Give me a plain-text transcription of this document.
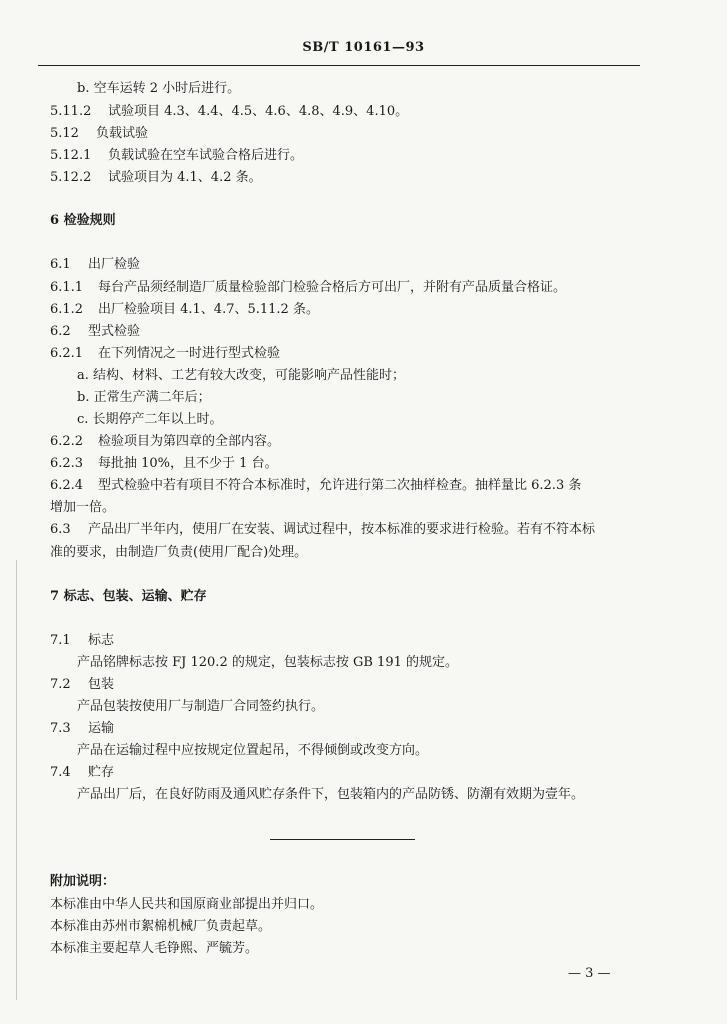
SB/T 10161—93
b. 空车运转 2 小时后进行。
5.11.2 试验项目 4.3、4.4、4.5、4.6、4.8、4.9、4.10。
5.12 负载试验
5.12.1 负载试验在空车试验合格后进行。
5.12.2 试验项目为 4.1、4.2 条。
6 检验规则
6.1 出厂检验
6.1.1 每台产品须经制造厂质量检验部门检验合格后方可出厂，并附有产品质量合格证。
6.1.2 出厂检验项目 4.1、4.7、5.11.2 条。
6.2 型式检验
6.2.1 在下列情况之一时进行型式检验
a. 结构、材料、工艺有较大改变，可能影响产品性能时；
b. 正常生产满二年后；
c. 长期停产二年以上时。
6.2.2 检验项目为第四章的全部内容。
6.2.3 每批抽 10%，且不少于 1 台。
6.2.4 型式检验中若有项目不符合本标准时，允许进行第二次抽样检查。抽样量比 6.2.3 条
增加一倍。
6.3 产品出厂半年内，使用厂在安装、调试过程中，按本标准的要求进行检验。若有不符本标
准的要求，由制造厂负责(使用厂配合)处理。
7 标志、包装、运输、贮存
7.1 标志
产品铭牌标志按 FJ 120.2 的规定，包装标志按 GB 191 的规定。
7.2 包装
产品包装按使用厂与制造厂合同签约执行。
7.3 运输
产品在运输过程中应按规定位置起吊，不得倾倒或改变方向。
7.4 贮存
产品出厂后，在良好防雨及通风贮存条件下，包装箱内的产品防锈、防潮有效期为壹年。
附加说明：
本标准由中华人民共和国原商业部提出并归口。
本标准由苏州市絮棉机械厂负责起草。
本标准主要起草人毛铮熙、严毓芳。
— 3 —
